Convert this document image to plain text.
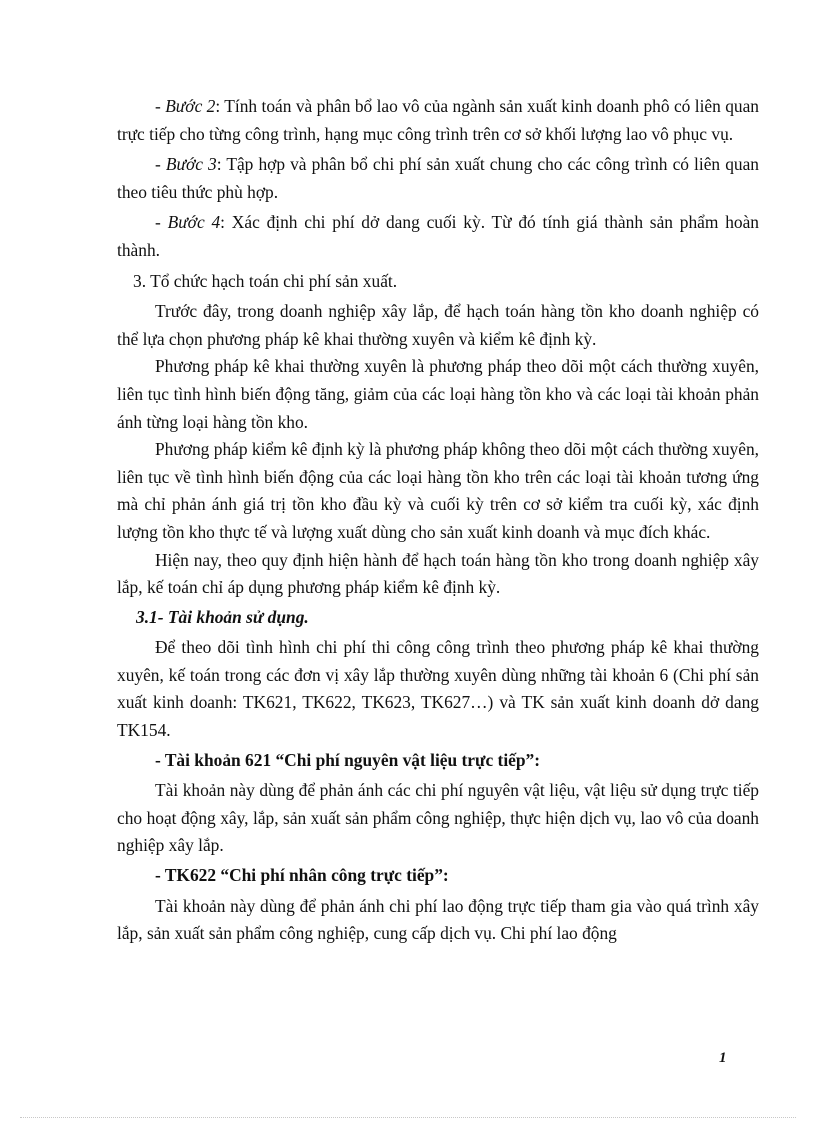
- Bước 2: Tính toán và phân bổ lao vô của ngành sản xuất kinh doanh phô có liên quan trực tiếp cho từng công trình, hạng mục công trình trên cơ sở khối lượng lao vô phục vụ.

- Bước 3: Tập hợp và phân bổ chi phí sản xuất chung cho các công trình có liên quan theo tiêu thức phù hợp.

- Bước 4: Xác định chi phí dở dang cuối kỳ. Từ đó tính giá thành sản phẩm hoàn thành.

3. Tổ chức hạch toán chi phí sản xuất.

Trước đây, trong doanh nghiệp xây lắp, để hạch toán hàng tồn kho doanh nghiệp có thể lựa chọn phương pháp kê khai thường xuyên và kiểm kê định kỳ.

Phương pháp kê khai thường xuyên là phương pháp theo dõi một cách thường xuyên, liên tục tình hình biến động tăng, giảm của các loại hàng tồn kho và các loại tài khoản phản ánh từng loại hàng tồn kho.

Phương pháp kiểm kê định kỳ là phương pháp không theo dõi một cách thường xuyên, liên tục về tình hình biến động của các loại hàng tồn kho trên các loại tài khoản tương ứng mà chỉ phản ánh giá trị tồn kho đầu kỳ và cuối kỳ trên cơ sở kiểm tra cuối kỳ, xác định lượng tồn kho thực tế và lượng xuất dùng cho sản xuất kinh doanh và mục đích khác.

Hiện nay, theo quy định hiện hành để hạch toán hàng tồn kho trong doanh nghiệp xây lắp, kế toán chỉ áp dụng phương pháp kiểm kê định kỳ.

3.1- Tài khoản sử dụng.

Để theo dõi tình hình chi phí thi công công trình theo phương pháp kê khai thường xuyên, kế toán trong các đơn vị xây lắp thường xuyên dùng những tài khoản 6 (Chi phí sản xuất kinh doanh: TK621, TK622, TK623, TK627…) và TK sản xuất kinh doanh dở dang TK154.

- Tài khoản 621 “Chi phí nguyên vật liệu trực tiếp”:

Tài khoản này dùng để phản ánh các chi phí nguyên vật liệu, vật liệu sử dụng trực tiếp cho hoạt động xây, lắp, sản xuất sản phẩm công nghiệp, thực hiện dịch vụ, lao vô của doanh nghiệp xây lắp.

- TK622 “Chi phí nhân công trực tiếp”:

Tài khoản này dùng để phản ánh chi phí lao động trực tiếp tham gia vào quá trình xây lắp, sản xuất sản phẩm công nghiệp, cung cấp dịch vụ. Chi phí lao động

1
